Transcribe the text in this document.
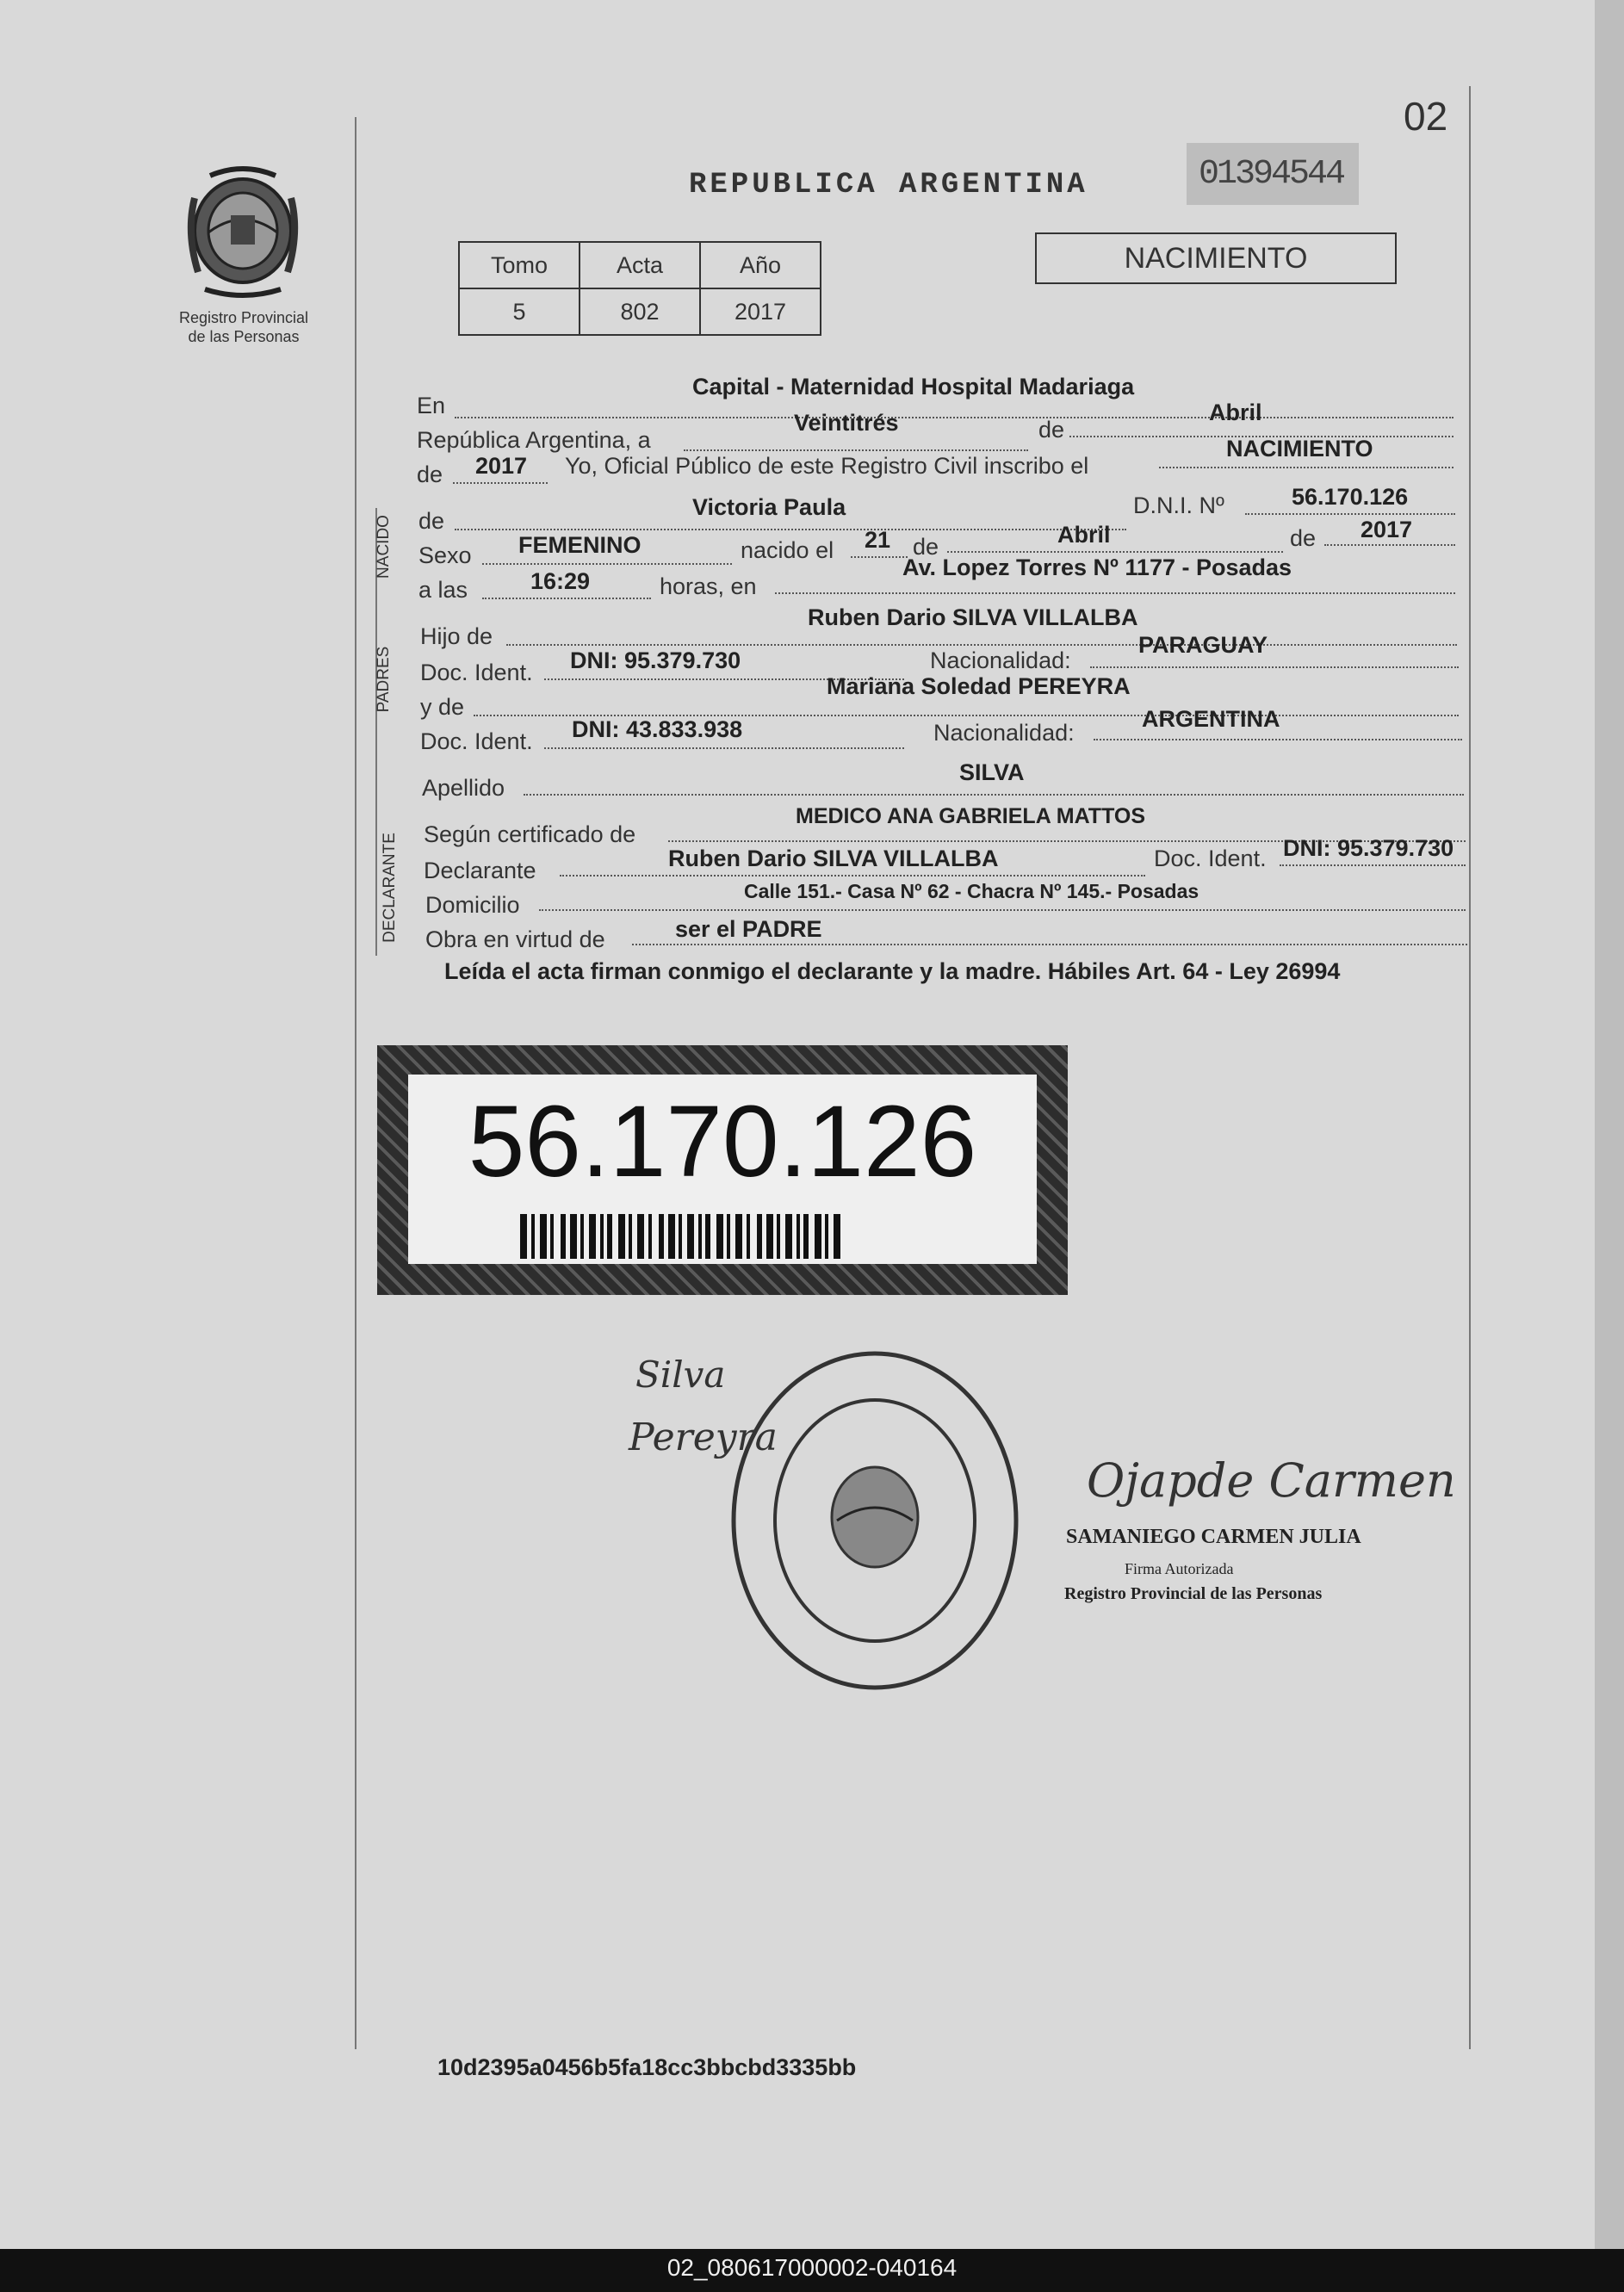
02
Registro Provincial
de las Personas
REPUBLICA ARGENTINA	01394544
Tomo	Acta	Año
5	802	2017
NACIMIENTO
NACIDO
PADRES
DECLARANTE
En
Capital - Maternidad Hospital Madariaga
República Argentina, a
Veintitrés	de
Abril
de 2017 Yo, Oficial Público de este Registro Civil inscribo el
NACIMIENTO
de
Victoria Paula	D.N.I. Nº	56.170.126
Sexo FEMENINO	nacido el 21 de	Abril	de 2017
a las	16:29	horas, en
Av. Lopez Torres Nº 1177 - Posadas
Hijo de
Ruben Dario SILVA VILLALBA
Doc. Ident. DNI: 95.379.730	Nacionalidad:
PARAGUAY
y de
Mariana Soledad PEREYRA
Doc. Ident. DNI: 43.833.938	Nacionalidad:
ARGENTINA
Apellido
SILVA
Según certificado de
MEDICO ANA GABRIELA MATTOS
Declarante	Ruben Dario SILVA VILLALBA	Doc. Ident. DNI: 95.379.730
Domicilio
Calle 151.- Casa Nº 62 - Chacra Nº 145.- Posadas
Obra en virtud de	ser el PADRE
Leída el acta firman conmigo el declarante y la madre. Hábiles Art. 64 - Ley 26994
56.170.126
Silva
Pereyra
Ojapde Carmen
SAMANIEGO CARMEN JULIA
Firma Autorizada
Registro Provincial de las Personas
10d2395a0456b5fa18cc3bbcbd3335bb
02_080617000002-040164
